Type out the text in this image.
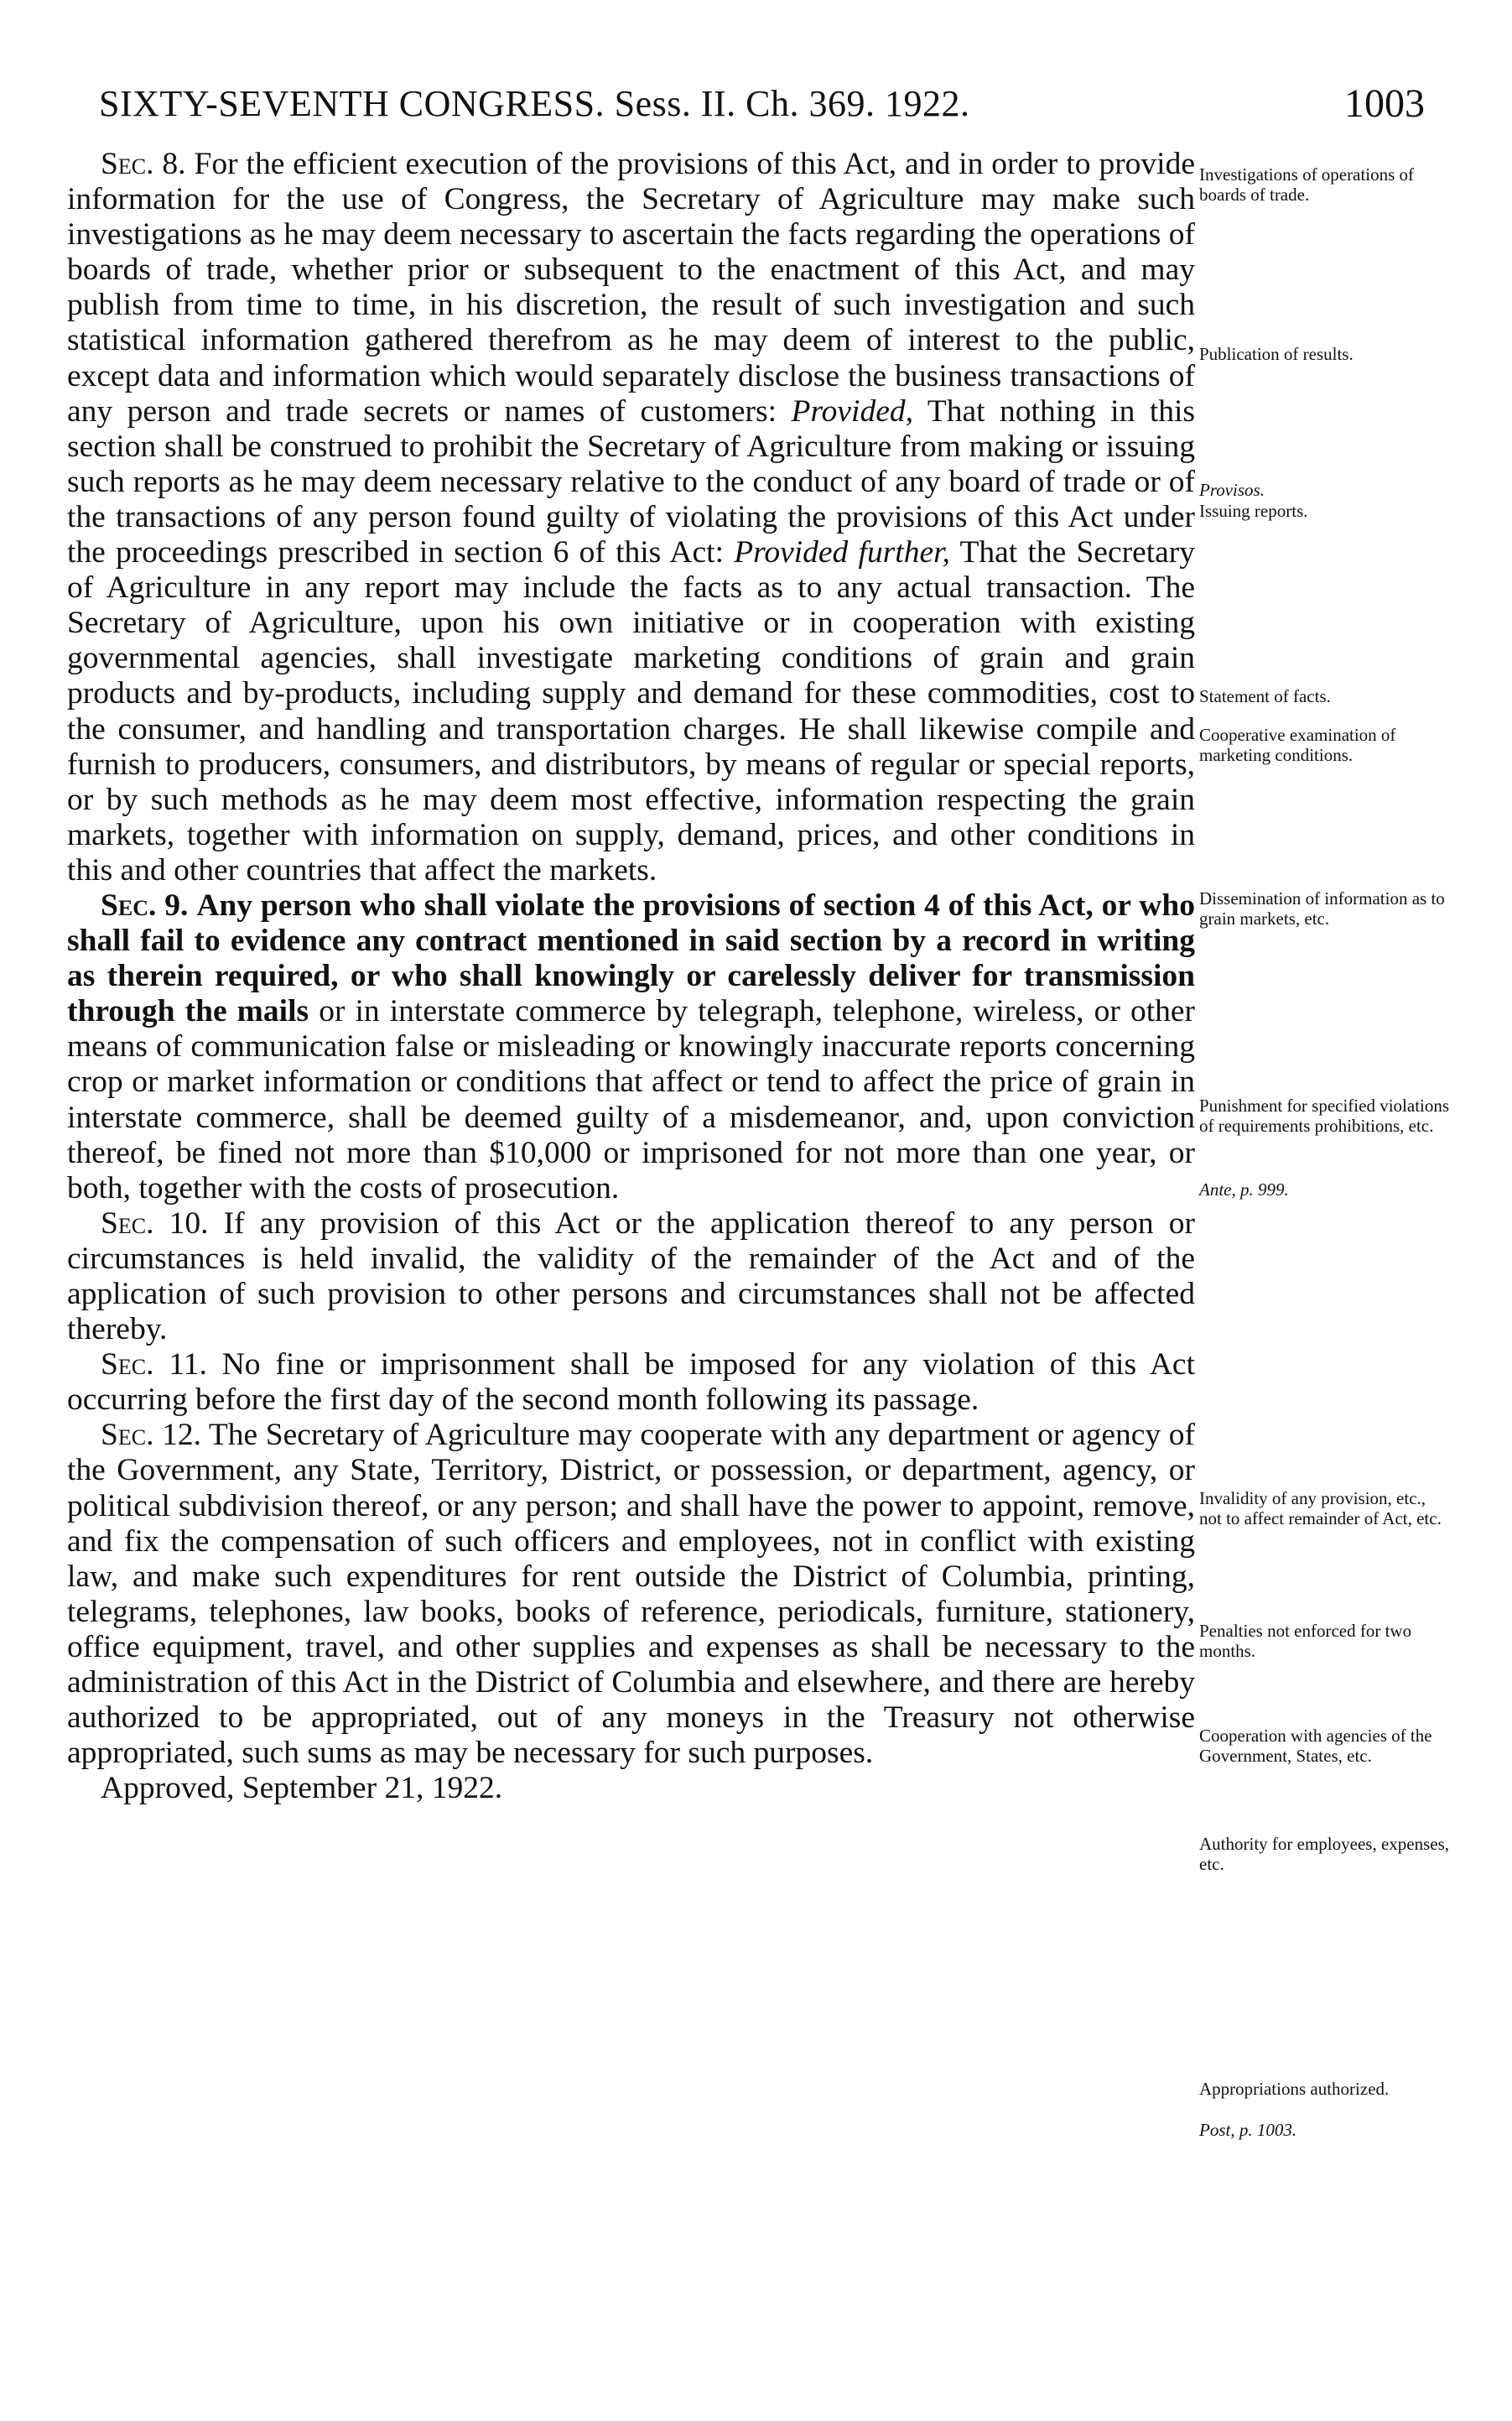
SIXTY-SEVENTH CONGRESS. Sess. II. Ch. 369. 1922.	1003

Sec. 8. For the efficient execution of the provisions of this Act, and in order to provide information for the use of Congress, the Secretary of Agriculture may make such investigations as he may deem necessary to ascertain the facts regarding the operations of boards of trade, whether prior or subsequent to the enactment of this Act, and may publish from time to time, in his discretion, the result of such investigation and such statistical information gathered therefrom as he may deem of interest to the public, except data and information which would separately disclose the business transactions of any person and trade secrets or names of customers: Provided, That nothing in this section shall be construed to prohibit the Secretary of Agriculture from making or issuing such reports as he may deem necessary relative to the conduct of any board of trade or of the transactions of any person found guilty of violating the provisions of this Act under the proceedings prescribed in section 6 of this Act: Provided further, That the Secretary of Agriculture in any report may include the facts as to any actual transaction. The Secretary of Agriculture, upon his own initiative or in cooperation with existing governmental agencies, shall investigate marketing conditions of grain and grain products and by-products, including supply and demand for these commodities, cost to the consumer, and handling and transportation charges. He shall likewise compile and furnish to producers, consumers, and distributors, by means of regular or special reports, or by such methods as he may deem most effective, information respecting the grain markets, together with information on supply, demand, prices, and other conditions in this and other countries that affect the markets.

Sec. 9. Any person who shall violate the provisions of section 4 of this Act, or who shall fail to evidence any contract mentioned in said section by a record in writing as therein required, or who shall knowingly or carelessly deliver for transmission through the mails or in interstate commerce by telegraph, telephone, wireless, or other means of communication false or misleading or knowingly inaccurate reports concerning crop or market information or conditions that affect or tend to affect the price of grain in interstate commerce, shall be deemed guilty of a misdemeanor, and, upon conviction thereof, be fined not more than $10,000 or imprisoned for not more than one year, or both, together with the costs of prosecution.

Sec. 10. If any provision of this Act or the application thereof to any person or circumstances is held invalid, the validity of the remainder of the Act and of the application of such provision to other persons and circumstances shall not be affected thereby.

Sec. 11. No fine or imprisonment shall be imposed for any violation of this Act occurring before the first day of the second month following its passage.

Sec. 12. The Secretary of Agriculture may cooperate with any department or agency of the Government, any State, Territory, District, or possession, or department, agency, or political subdivision thereof, or any person; and shall have the power to appoint, remove, and fix the compensation of such officers and employees, not in conflict with existing law, and make such expenditures for rent outside the District of Columbia, printing, telegrams, telephones, law books, books of reference, periodicals, furniture, stationery, office equipment, travel, and other supplies and expenses as shall be necessary to the administration of this Act in the District of Columbia and elsewhere, and there are hereby authorized to be appropriated, out of any moneys in the Treasury not otherwise appropriated, such sums as may be necessary for such purposes.

Approved, September 21, 1922.

Investigations of operations of boards of trade.
Publication of results.
Provisos.
Issuing reports.
Statement of facts.
Cooperative examination of marketing conditions.
Dissemination of information as to grain markets, etc.
Punishment for specified violations of requirements prohibitions, etc.
Ante, p. 999.
Invalidity of any provision, etc., not to affect remainder of Act, etc.
Penalties not enforced for two months.
Cooperation with agencies of the Government, States, etc.
Authority for employees, expenses, etc.
Appropriations authorized.
Post, p. 1003.
